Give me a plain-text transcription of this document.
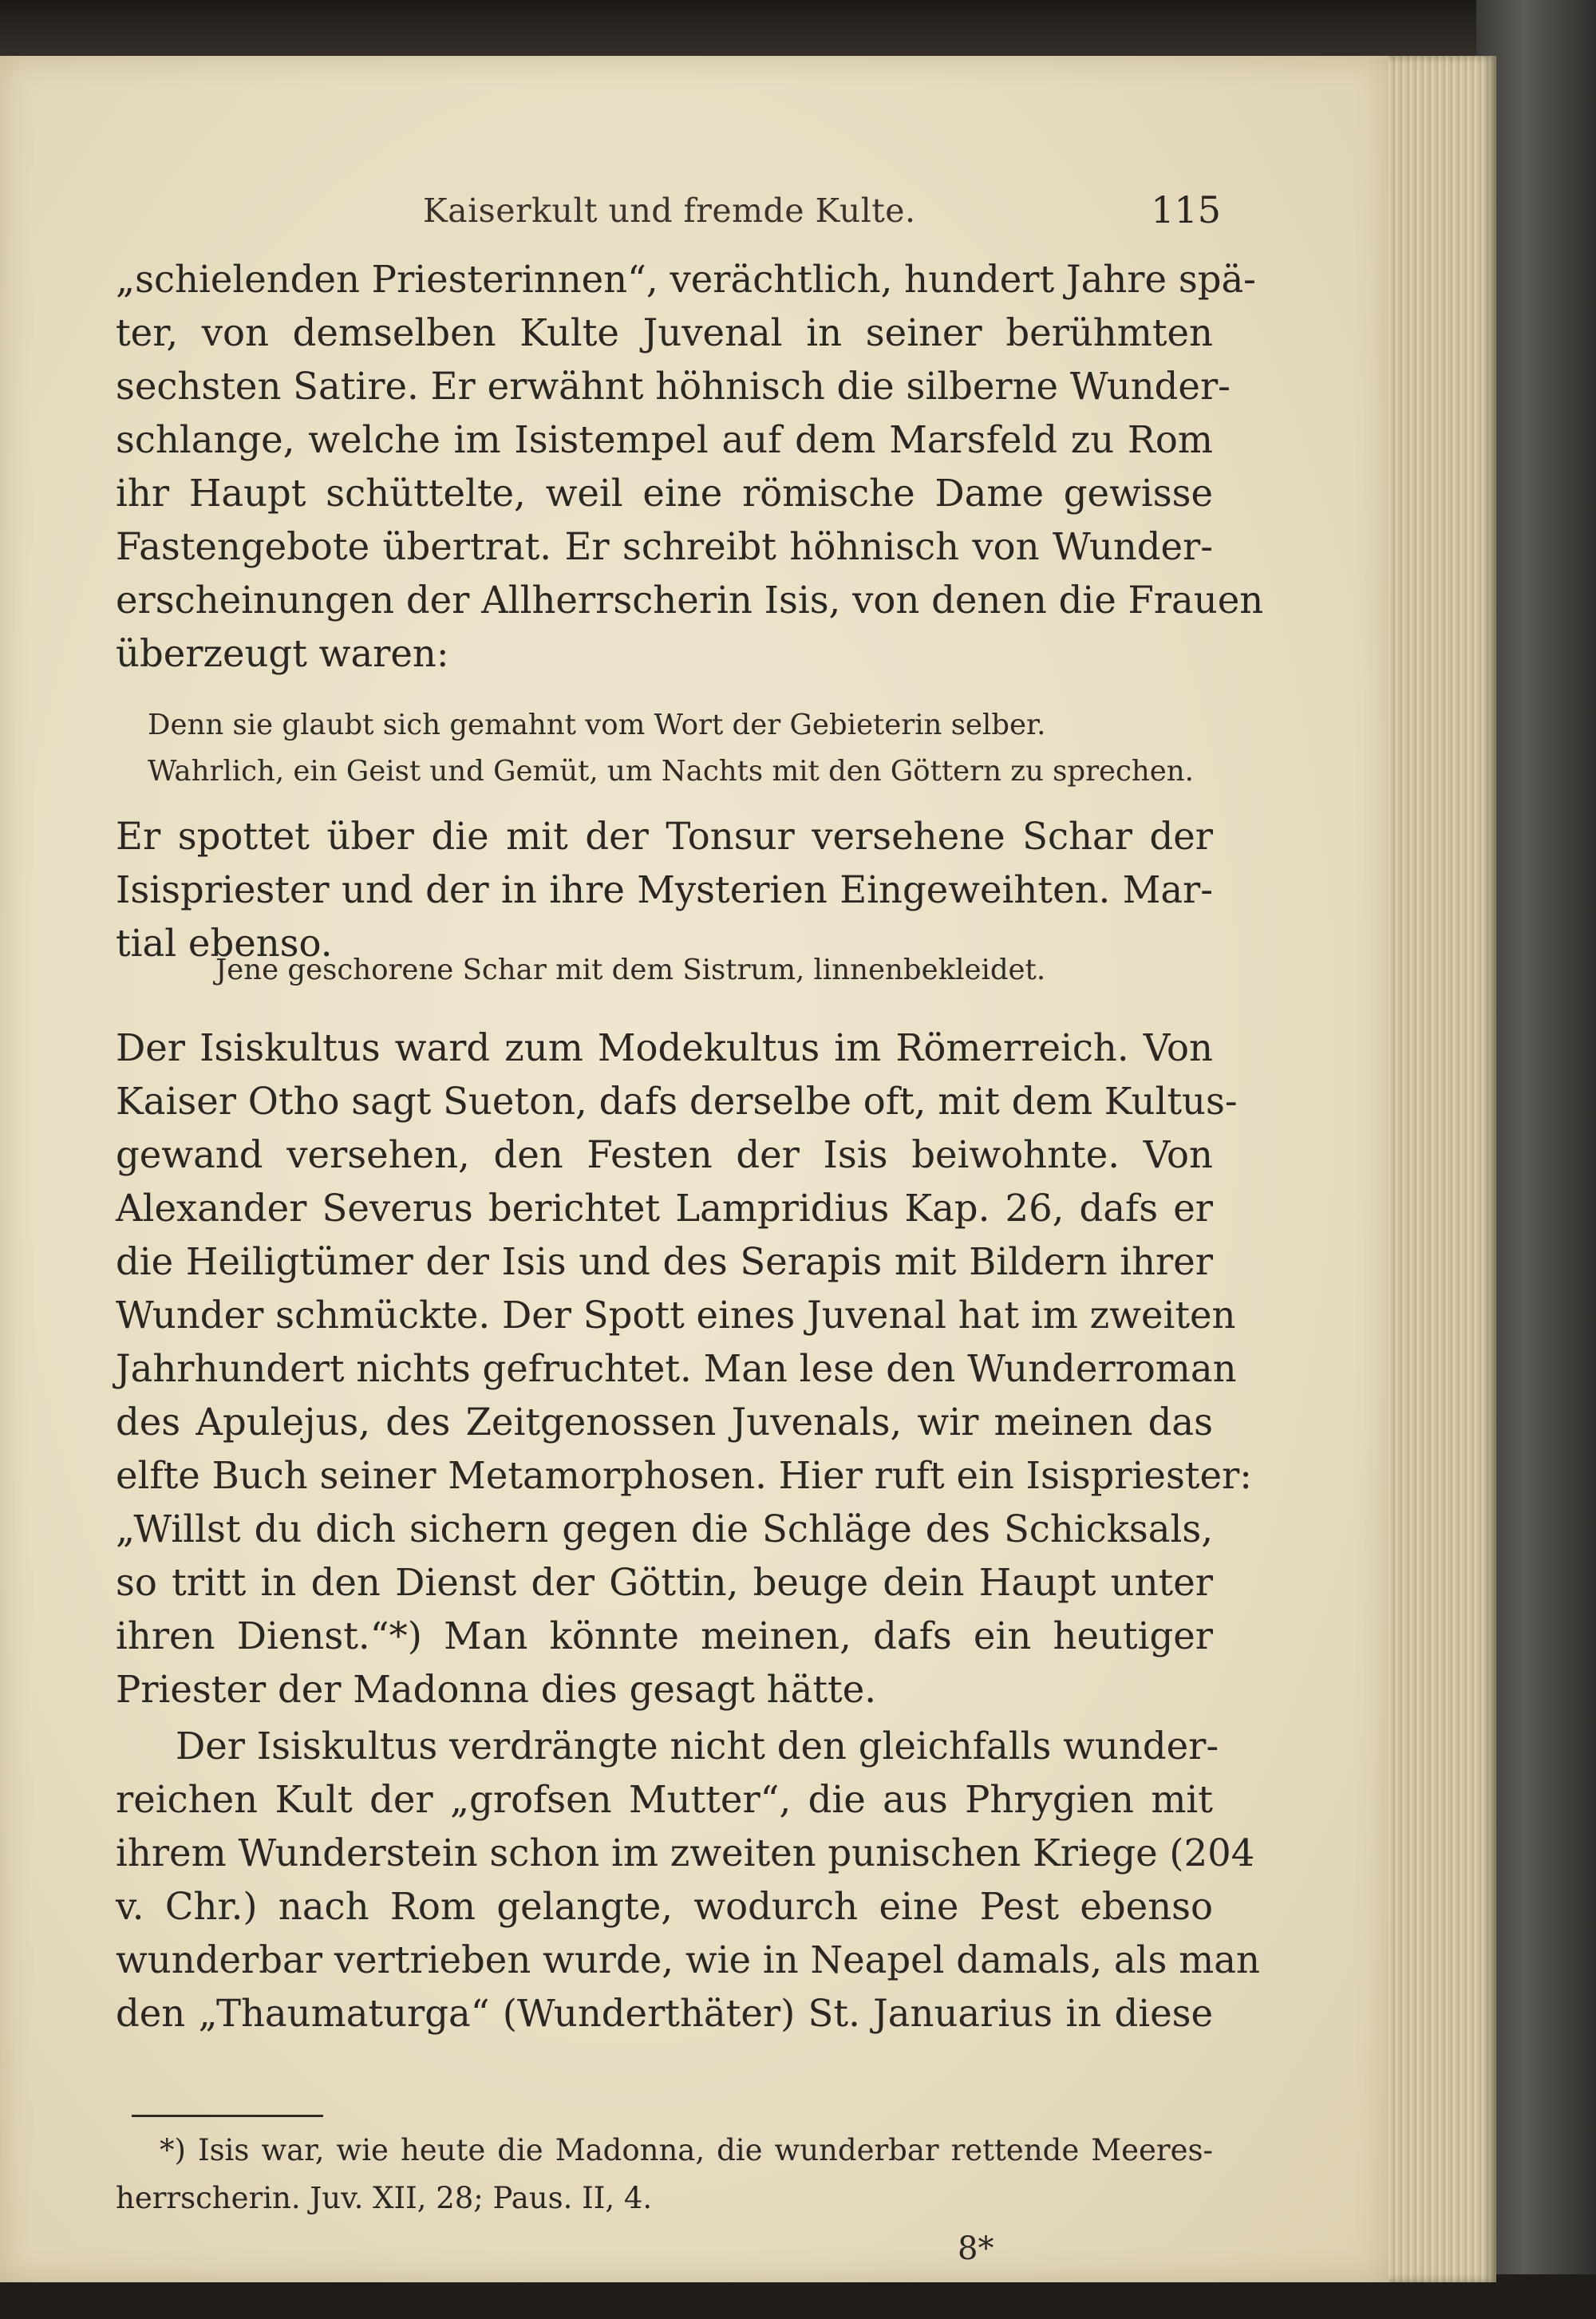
Kaiserkult und fremde Kulte.	115
„schielenden Priesterinnen“, verächtlich, hundert Jahre spä-
ter, von demselben Kulte Juvenal in seiner berühmten
sechsten Satire. Er erwähnt höhnisch die silberne Wunder-
schlange, welche im Isistempel auf dem Marsfeld zu Rom
ihr Haupt schüttelte, weil eine römische Dame gewisse
Fastengebote übertrat. Er schreibt höhnisch von Wunder-
erscheinungen der Allherrscherin Isis, von denen die Frauen
überzeugt waren:
Denn sie glaubt sich gemahnt vom Wort der Gebieterin selber.
Wahrlich, ein Geist und Gemüt, um Nachts mit den Göttern zu sprechen.
Er spottet über die mit der Tonsur versehene Schar der
Isispriester und der in ihre Mysterien Eingeweihten. Mar-
tial ebenso.
Jene geschorene Schar mit dem Sistrum, linnenbekleidet.
Der Isiskultus ward zum Modekultus im Römerreich. Von
Kaiser Otho sagt Sueton, dafs derselbe oft, mit dem Kultus-
gewand versehen, den Festen der Isis beiwohnte. Von
Alexander Severus berichtet Lampridius Kap. 26, dafs er
die Heiligtümer der Isis und des Serapis mit Bildern ihrer
Wunder schmückte. Der Spott eines Juvenal hat im zweiten
Jahrhundert nichts gefruchtet. Man lese den Wunderroman
des Apulejus, des Zeitgenossen Juvenals, wir meinen das
elfte Buch seiner Metamorphosen. Hier ruft ein Isispriester:
„Willst du dich sichern gegen die Schläge des Schicksals,
so tritt in den Dienst der Göttin, beuge dein Haupt unter
ihren Dienst.“*) Man könnte meinen, dafs ein heutiger
Priester der Madonna dies gesagt hätte.
Der Isiskultus verdrängte nicht den gleichfalls wunder-
reichen Kult der „grofsen Mutter“, die aus Phrygien mit
ihrem Wunderstein schon im zweiten punischen Kriege (204
v. Chr.) nach Rom gelangte, wodurch eine Pest ebenso
wunderbar vertrieben wurde, wie in Neapel damals, als man
den „Thaumaturga“ (Wunderthäter) St. Januarius in diese
*) Isis war, wie heute die Madonna, die wunderbar rettende Meeres-
herrscherin. Juv. XII, 28; Paus. II, 4.
8*
